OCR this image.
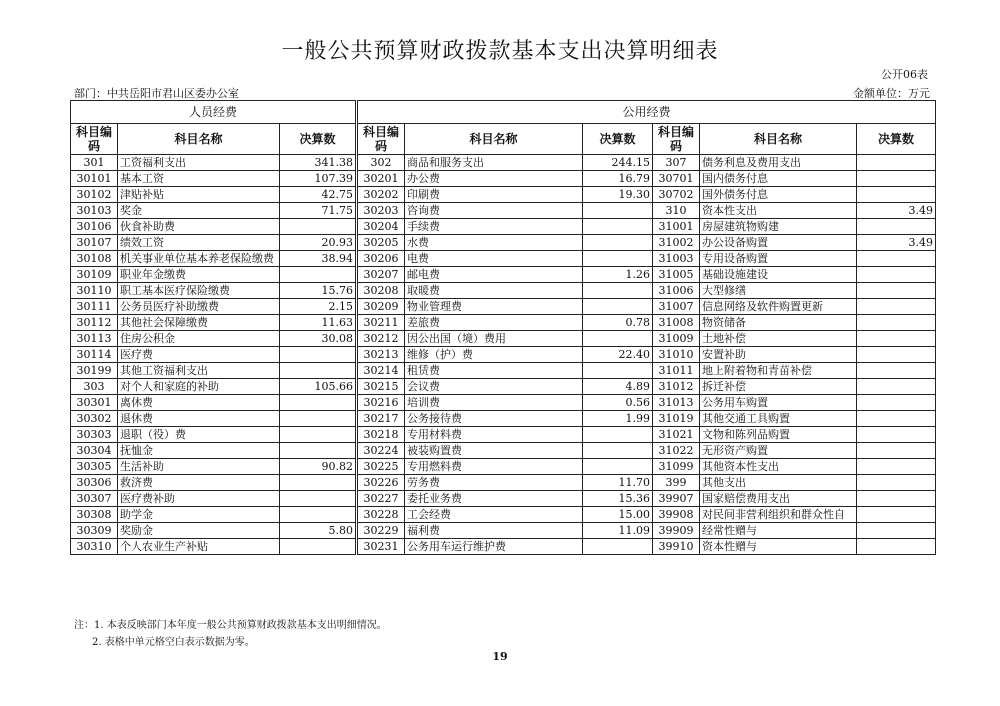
一般公共预算财政拨款基本支出决算明细表
公开06表
部门：中共岳阳市君山区委办公室	金额单位：万元
人员经费			公用经费					
科目编码	科目名称	决算数	科目编码	科目名称	决算数	科目编码	科目名称	决算数
301	工资福利支出	341.38	302	商品和服务支出	244.15	307	债务利息及费用支出	
30101	基本工资	107.39	30201	办公费	16.79	30701	国内债务付息	
30102	津贴补贴	42.75	30202	印刷费	19.30	30702	国外债务付息	
30103	奖金	71.75	30203	咨询费		310	资本性支出	3.49
30106	伙食补助费		30204	手续费		31001	房屋建筑物购建	
30107	绩效工资	20.93	30205	水费		31002	办公设备购置	3.49
30108	机关事业单位基本养老保险缴费	38.94	30206	电费		31003	专用设备购置	
30109	职业年金缴费		30207	邮电费	1.26	31005	基础设施建设	
30110	职工基本医疗保险缴费	15.76	30208	取暖费		31006	大型修缮	
30111	公务员医疗补助缴费	2.15	30209	物业管理费		31007	信息网络及软件购置更新	
30112	其他社会保障缴费	11.63	30211	差旅费	0.78	31008	物资储备	
30113	住房公积金	30.08	30212	因公出国（境）费用		31009	土地补偿	
30114	医疗费		30213	维修（护）费	22.40	31010	安置补助	
30199	其他工资福利支出		30214	租赁费		31011	地上附着物和青苗补偿	
303	对个人和家庭的补助	105.66	30215	会议费	4.89	31012	拆迁补偿	
30301	离休费		30216	培训费	0.56	31013	公务用车购置	
30302	退休费		30217	公务接待费	1.99	31019	其他交通工具购置	
30303	退职（役）费		30218	专用材料费		31021	文物和陈列品购置	
30304	抚恤金		30224	被装购置费		31022	无形资产购置	
30305	生活补助	90.82	30225	专用燃料费		31099	其他资本性支出	
30306	救济费		30226	劳务费	11.70	399	其他支出	
30307	医疗费补助		30227	委托业务费	15.36	39907	国家赔偿费用支出	
30308	助学金		30228	工会经费	15.00	39908	对民间非营利组织和群众性自	
30309	奖励金	5.80	30229	福利费	11.09	39909	经常性赠与	
30310	个人农业生产补贴		30231	公务用车运行维护费		39910	资本性赠与	
注：1. 本表反映部门本年度一般公共预算财政拨款基本支出明细情况。
2. 表格中单元格空白表示数据为零。
19
